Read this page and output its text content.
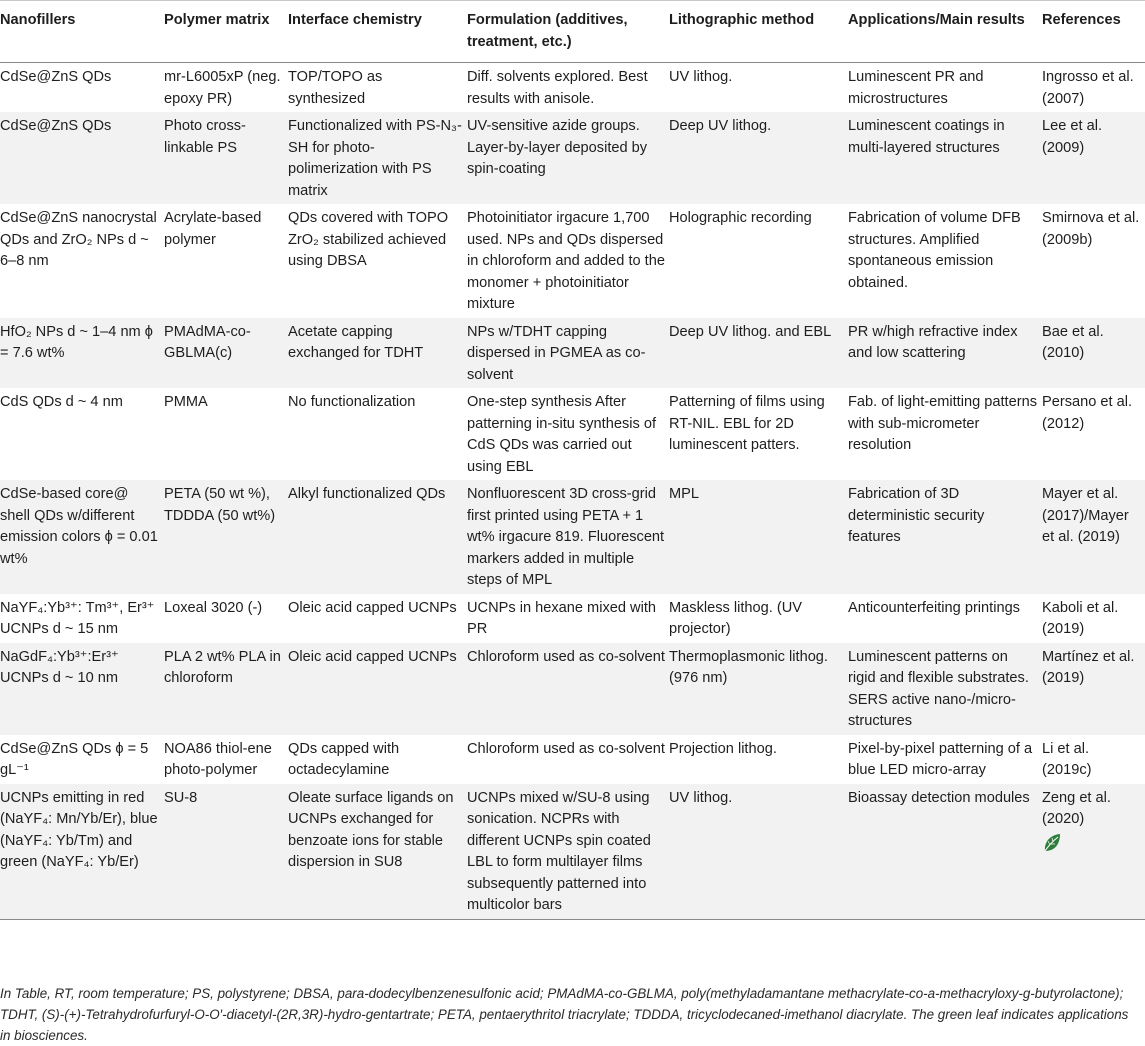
Nanofillers	Polymer matrix	Interface chemistry	Formulation (additives, treatment, etc.)	Lithographic method	Applications/Main results	References
CdSe@ZnS QDs	mr-L6005xP (neg. epoxy PR)	TOP/TOPO as synthesized	Diff. solvents explored. Best results with anisole.	UV lithog.	Luminescent PR and microstructures	Ingrosso et al. (2007)
CdSe@ZnS QDs	Photo cross-linkable PS	Functionalized with PS-N₃-SH for photo-polimerization with PS matrix	UV-sensitive azide groups. Layer-by-layer deposited by spin-coating	Deep UV lithog.	Luminescent coatings in multi-layered structures	Lee et al. (2009)
CdSe@ZnS nanocrystal QDs and ZrO₂ NPs d ~ 6–8 nm	Acrylate-based polymer	QDs covered with TOPO ZrO₂ stabilized achieved using DBSA	Photoinitiator irgacure 1,700 used. NPs and QDs dispersed in chloroform and added to the monomer + photoinitiator mixture	Holographic recording	Fabrication of volume DFB structures. Amplified spontaneous emission obtained.	Smirnova et al. (2009b)
HfO₂ NPs d ~ 1–4 nm ϕ = 7.6 wt%	PMAdMA-co-GBLMA(c)	Acetate capping exchanged for TDHT	NPs w/TDHT capping dispersed in PGMEA as co-solvent	Deep UV lithog. and EBL	PR w/high refractive index and low scattering	Bae et al. (2010)
CdS QDs d ~ 4 nm	PMMA	No functionalization	One-step synthesis After patterning in-situ synthesis of CdS QDs was carried out using EBL	Patterning of films using RT-NIL. EBL for 2D luminescent patters.	Fab. of light-emitting patterns with sub-micrometer resolution	Persano et al. (2012)
CdSe-based core@ shell QDs w/different emission colors ϕ = 0.01 wt%	PETA (50 wt %), TDDDA (50 wt%)	Alkyl functionalized QDs	Nonfluorescent 3D cross-grid first printed using PETA + 1 wt% irgacure 819. Fluorescent markers added in multiple steps of MPL	MPL	Fabrication of 3D deterministic security features	Mayer et al. (2017)/Mayer et al. (2019)
NaYF₄:Yb³⁺: Tm³⁺, Er³⁺ UCNPs d ~ 15 nm	Loxeal 3020 (-)	Oleic acid capped UCNPs	UCNPs in hexane mixed with PR	Maskless lithog. (UV projector)	Anticounterfeiting printings	Kaboli et al. (2019)
NaGdF₄:Yb³⁺:Er³⁺ UCNPs d ~ 10 nm	PLA 2 wt% PLA in chloroform	Oleic acid capped UCNPs	Chloroform used as co-solvent	Thermoplasmonic lithog. (976 nm)	Luminescent patterns on rigid and flexible substrates. SERS active nano-/micro-structures	Martínez et al. (2019)
CdSe@ZnS QDs ϕ = 5 gL⁻¹	NOA86 thiol-ene photo-polymer	QDs capped with octadecylamine	Chloroform used as co-solvent	Projection lithog.	Pixel-by-pixel patterning of a blue LED micro-array	Li et al. (2019c)
UCNPs emitting in red (NaYF₄: Mn/Yb/Er), blue (NaYF₄: Yb/Tm) and green (NaYF₄: Yb/Er)	SU-8	Oleate surface ligands on UCNPs exchanged for benzoate ions for stable dispersion in SU8	UCNPs mixed w/SU-8 using sonication. NCPRs with different UCNPs spin coated LBL to form multilayer films subsequently patterned into multicolor bars	UV lithog.	Bioassay detection modules	Zeng et al. (2020)
In Table, RT, room temperature; PS, polystyrene; DBSA, para-dodecylbenzenesulfonic acid; PMAdMA-co-GBLMA, poly(methyladamantane methacrylate-co-a-methacryloxy-g-butyrolactone); TDHT, (S)-(+)-Tetrahydrofurfuryl-O-O′-diacetyl-(2R,3R)-hydro-gentartrate; PETA, pentaerythritol triacrylate; TDDDA, tricyclodecaned-imethanol diacrylate. The green leaf indicates applications in biosciences.
